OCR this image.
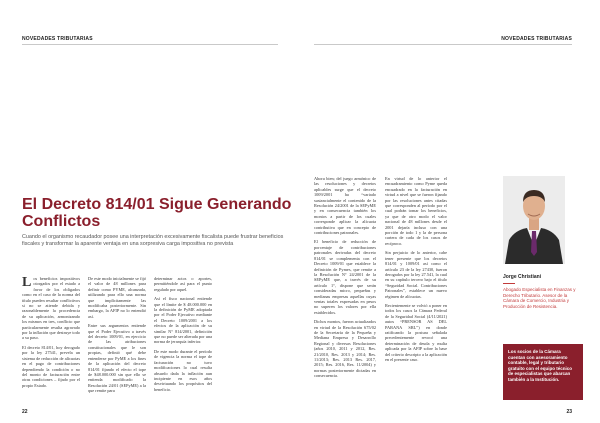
NOVEDADES TRIBUTARIAS
El Decreto 814/01 Sigue Generando Conflictos
Cuando el organismo recaudador posee una interpretación excesivamente fiscalista puede frustrar beneficios fiscales y transformar la aparente ventaja en una sorpresiva carga impositiva no prevista

Los beneficios impositivos otorgados por el estado a favor de los obligados como en el caso de la norma del título pueden resultar conflictivos si no se atiende debida y razonablemente la procedencia de su aplicación, armonizando los mismos en tres, conflicto que particularmente resulta agravado por la inflación que destruye todo a su paso.

El decreto 814/01, hoy derogado por la ley 27541, prevela un sistema de reducción de alícuotas en el pago de contribuciones dependiendo la condición o no del monto de facturación entre otras condiciones – fijado por el propio Estado.

De este modo inicialmente se fijó el valor de 48 millones para definir como PYME, alcanzada, utilizando para ello una norma que implícitamente las modificaba posteriormente. Sin embargo, la AFIP no lo entendió así.

Entre sus argumentos entiende que el Poder Ejecutivo a través del decreto 1009/01, en ejercicio de las atribuciones constitucionales que le son propias, definió qué debe entenderse por PyME a los fines de la aplicación del decreto 814/01 fijando el efecto el tope de $48.000.000 sin que ello se entienda modificado la Resolución 24/01 (SEPyME) a la que remite para

determinar actos o aportes, permitiéndole así para el punto regulado por aquel.

Así el fisco nacional entiende que el límite de $ 48.000.000 en la definición de PyME adoptada por el Poder Ejecutivo mediante el Decreto 1009/2001 a los efectos de la aplicación de su similar N° 814/2001, definición que no puede ser alterada por una norma de jerarquía inferior.

De este modo durante el período de vigencia la norma el tope de facturación no tuvo modificaciones lo cual resulta absurdo dada la inflación aun incipiente en esos años desvirtuando los propósitos del beneficio.

22
NOVEDADES TRIBUTARIAS

Ahora bien; del juego armónico de las resoluciones y decretos aplicables surge que el decreto 1009/2001 ha “variado sustancialmente el contenido de la Resolución 24/2001 de la SEPyME y en consecuencia también los montos a partir de los cuales corresponde aplicar la alícuota contributiva que en concepto de contribuciones patronales.

El beneficio de reducción de porcentaje de contribuciones patronales derivadas del decreto 814/01 se complementa con el Decreto 1009/01 que establece la definición de Pymes, que remite a la Resolución N° 24/2001 de la SEPyME que, a través de su artículo 1°, dispone que serán consideradas micro, pequeñas y medianas empresas aquellas cuyas ventas totales expresadas en pesos no superen los valores por ella establecidos.

Dichos montos, fueron actualizados en virtud de la Resolución 675/02 de la Secretaría de la Pequeña y Mediana Empresa y Desarrollo Regional y diversas Resoluciones (años 2010, 2011 y 2012, Res. 21/2010, Res. 2013 y 2014; Res. 11/2013; Res. 2013 Res. 2017, 2015; Res. 2016, Res. 11/2004) y normas posteriormente dictadas en consecuencia.

En virtud de lo anterior el encuadramiento como Pyme queda encuadrado en la facturación en virtud a nivel que se fueron fijando por las resoluciones antes citadas que corresponden al período por el cual podrán tomar los beneficios, ya que de otro modo el valor nacional de 48 millones desde el 2001 dejaría incluso con una porción de todo 1 y la de persona cartera de cada de los casos de recíproco.

Sin perjuicio de lo anterior, cabe tener presente que los decretos 814/01 y 1009/01 así como el artículo 23 de la ley 27430, fueron derogados por la ley 27.541, la cual en su capítulo tercero bajo el título “Seguridad Social. Contribuciones Patronales”, establece un nuevo régimen de alícuotas.

Recientemente se volvió a poner en todos los casos la Cámara Federal de la Seguridad Social (4/11/2021) autos “PRENSOR AS DEL PARANA SRL”) en donde ratificando la postura señalada precedentemente revocó una determinación de deuda y multa aplicada por la AFIP sobre la base del criterio descripto a la aplicación en el presente caso.

23
Jorge Christiani
Abogado Especialista en Finanzas y Derecho Tributario. Asesor de la Cámara de Comercio, Industria y Producción de Resistencia.
Los socios de la Cámara cuentan con asesoramiento contable, legal y tributario gratuito con el equipo técnico de especialistas que abarcan también a la Institución.
